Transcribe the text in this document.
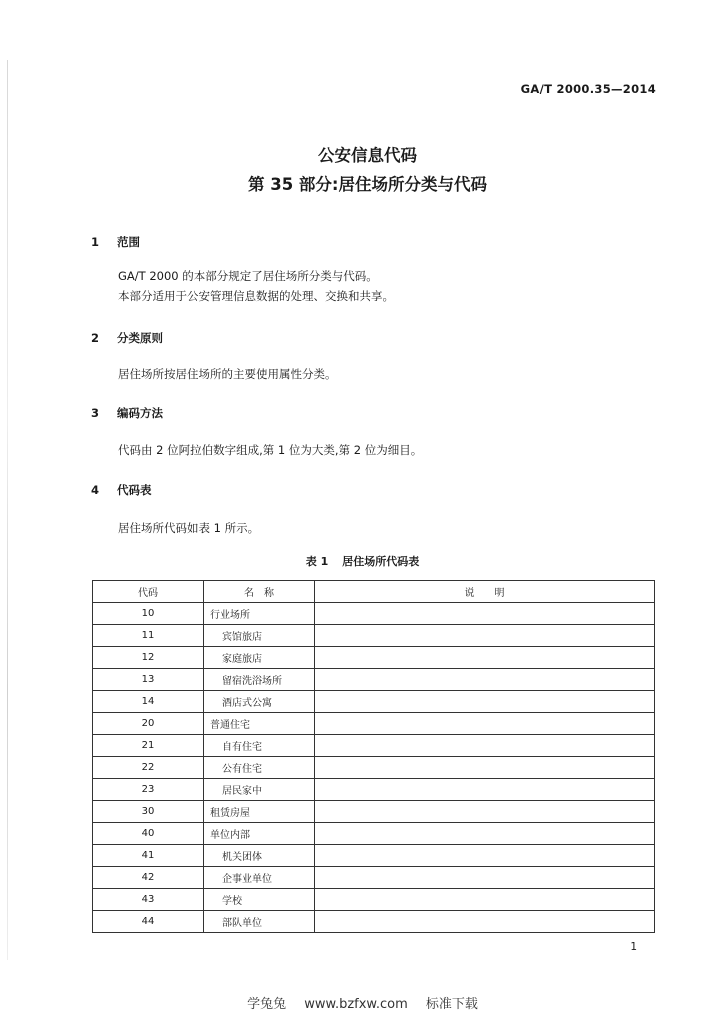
GA/T 2000.35—2014
公安信息代码
第 35 部分:居住场所分类与代码
1 范围
GA/T 2000 的本部分规定了居住场所分类与代码。
本部分适用于公安管理信息数据的处理、交换和共享。
2 分类原则
居住场所按居住场所的主要使用属性分类。
3 编码方法
代码由 2 位阿拉伯数字组成,第 1 位为大类,第 2 位为细目。
4 代码表
居住场所代码如表 1 所示。
表 1 居住场所代码表
代码	名　称	说　　明
10	行业场所	
11	宾馆旅店	
12	家庭旅店	
13	留宿洗浴场所	
14	酒店式公寓	
20	普通住宅	
21	自有住宅	
22	公有住宅	
23	居民家中	
30	租赁房屋	
40	单位内部	
41	机关团体	
42	企事业单位	
43	学校	
44	部队单位	
1
学兔兔 www.bzfxw.com 标准下载
